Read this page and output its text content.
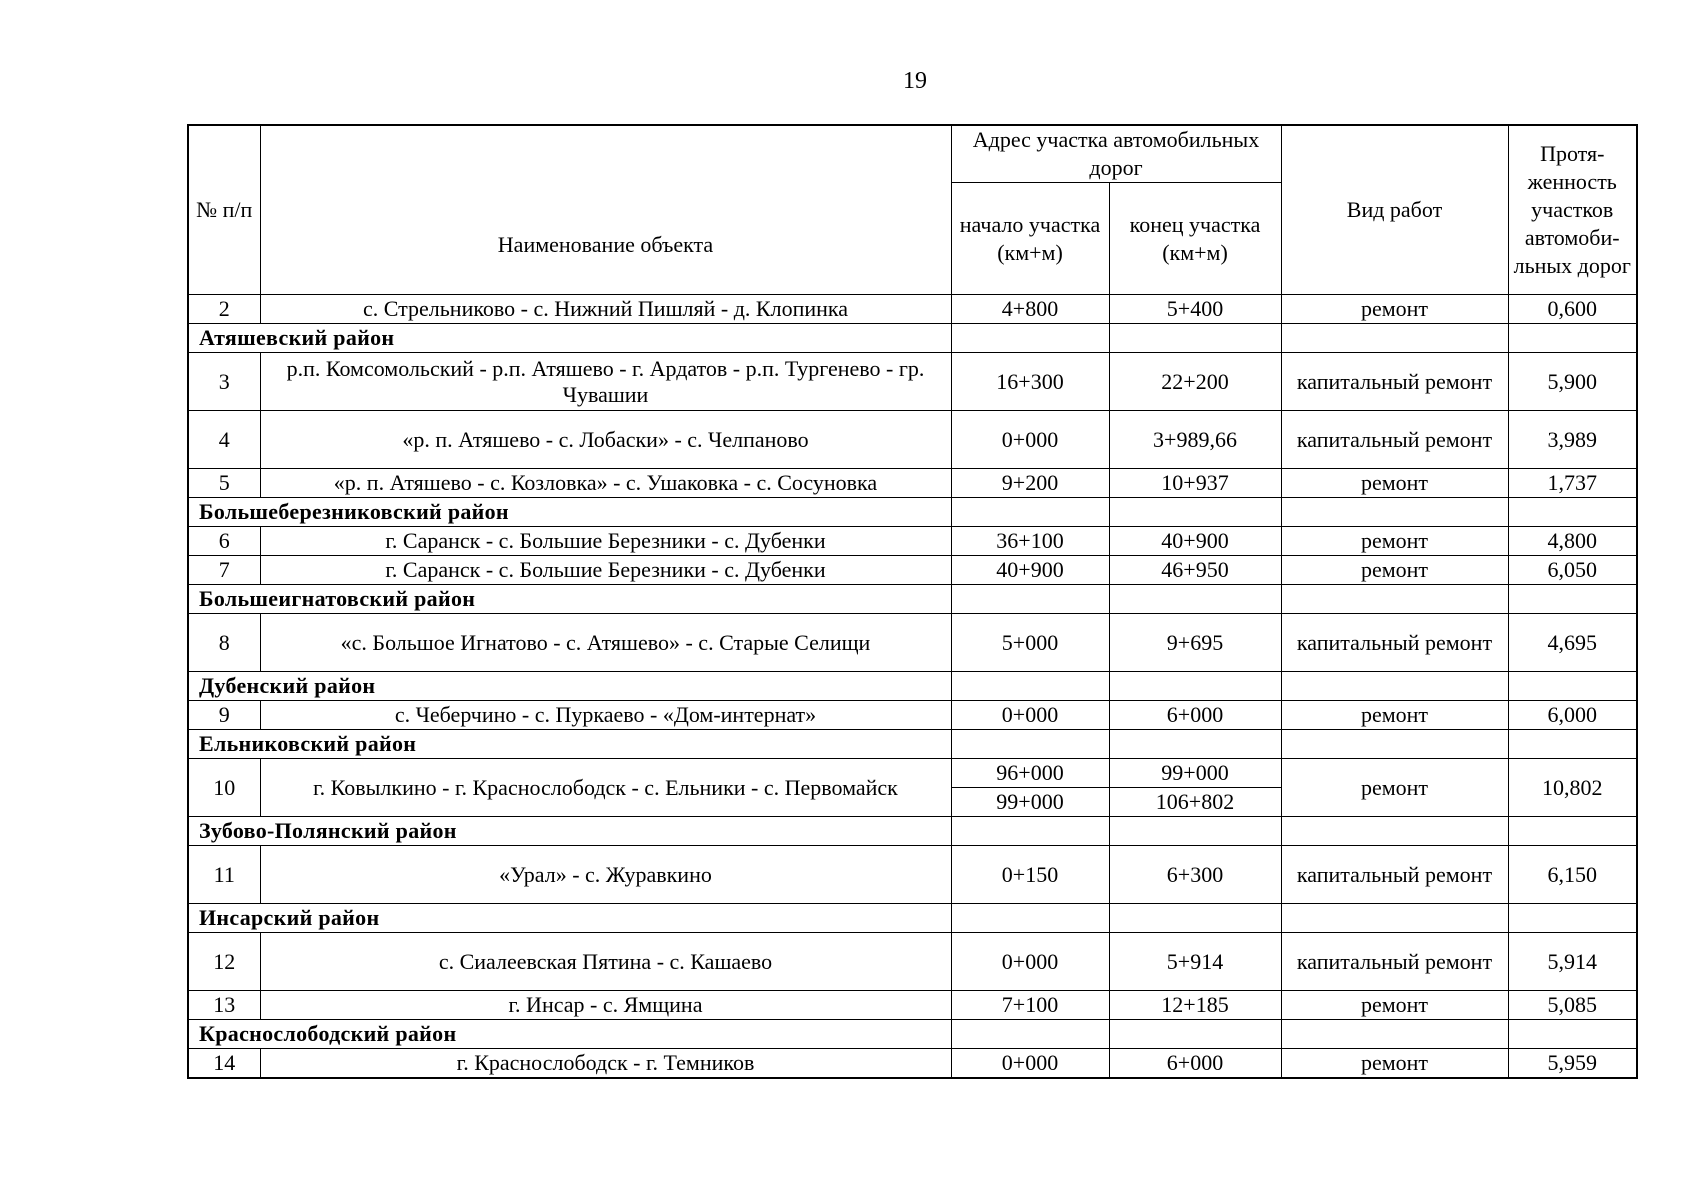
19
№ п/п	Наименование объекта	Адрес участка автомобильных дорог		Вид работ	Протя-женность участков автомоби-льных дорог
		начало участка (км+м)	конец участка (км+м)		
2	с. Стрельниково - с. Нижний Пишляй - д. Клопинка	4+800	5+400	ремонт	0,600
Атяшевский район					
3	р.п. Комсомольский - р.п. Атяшево - г. Ардатов - р.п. Тургенево - гр. Чувашии	16+300	22+200	капитальный ремонт	5,900
4	«р. п. Атяшево - с. Лобаски» - с. Челпаново	0+000	3+989,66	капитальный ремонт	3,989
5	«р. п. Атяшево - с. Козловка» - с. Ушаковка - с. Сосуновка	9+200	10+937	ремонт	1,737
Большеберезниковский район					
6	г. Саранск - с. Большие Березники - с. Дубенки	36+100	40+900	ремонт	4,800
7	г. Саранск - с. Большие Березники - с. Дубенки	40+900	46+950	ремонт	6,050
Большеигнатовский район					
8	«с. Большое Игнатово - с. Атяшево» - с. Старые Селищи	5+000	9+695	капитальный ремонт	4,695
Дубенский район					
9	с. Чеберчино - с. Пуркаево - «Дом-интернат»	0+000	6+000	ремонт	6,000
Ельниковский район					
10	г. Ковылкино - г. Краснослободск - с. Ельники - с. Первомайск	96+000	99+000	ремонт	10,802
		99+000	106+802		
Зубово-Полянский район					
11	«Урал» - с. Журавкино	0+150	6+300	капитальный ремонт	6,150
Инсарский район					
12	с. Сиалеевская Пятина - с. Кашаево	0+000	5+914	капитальный ремонт	5,914
13	г. Инсар - с. Ямщина	7+100	12+185	ремонт	5,085
Краснослободский район					
14	г. Краснослободск - г. Темников	0+000	6+000	ремонт	5,959
